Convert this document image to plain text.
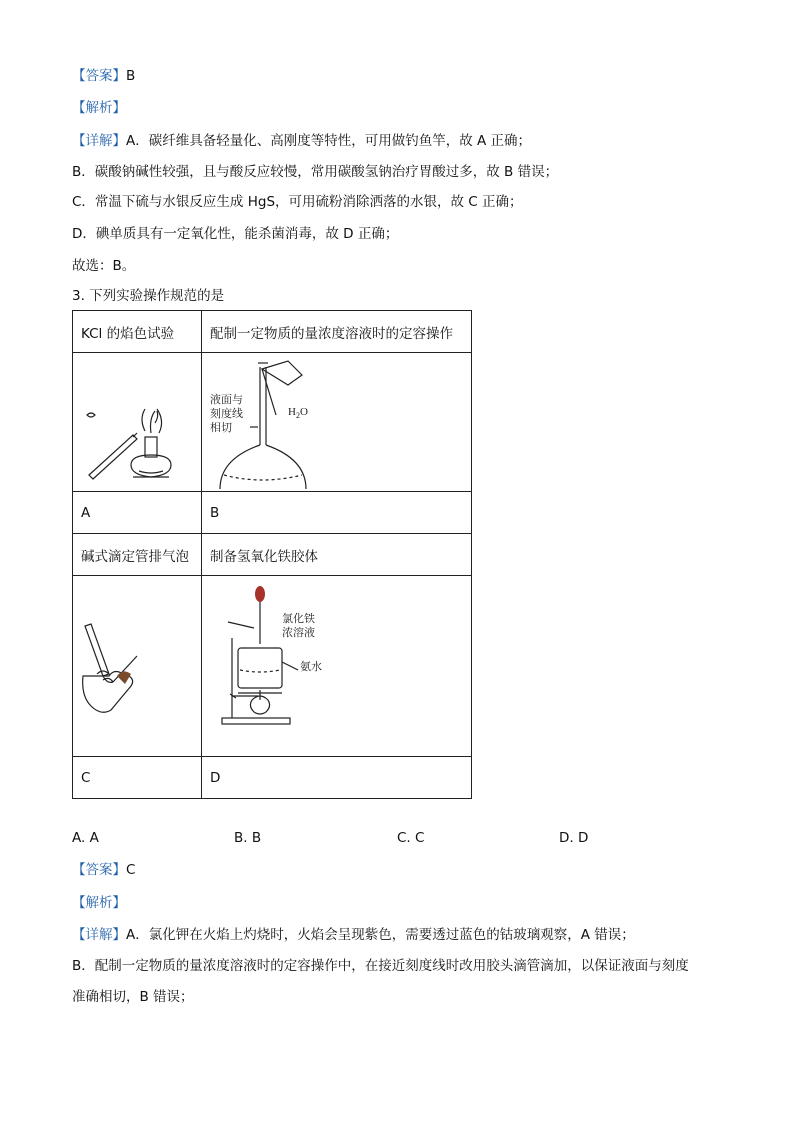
【答案】B
【解析】
【详解】A．碳纤维具备轻量化、高刚度等特性，可用做钓鱼竿，故 A 正确；
B．碳酸钠碱性较强，且与酸反应较慢，常用碳酸氢钠治疗胃酸过多，故 B 错误；
C．常温下硫与水银反应生成 HgS，可用硫粉消除洒落的水银，故 C 正确；
D．碘单质具有一定氧化性，能杀菌消毒，故 D 正确；
故选：B。
3. 下列实验操作规范的是
KCl 的焰色试验	配制一定物质的量浓度溶液时的定容操作

液面与
刻度线
相切
$H_2O$

A	B
碱式滴定管排气泡	制备氢氧化铁胶体

氯化铁
浓溶液
氨水

C	D
A. A	B. B	C. C	D. D
【答案】C
【解析】
【详解】A．氯化钾在火焰上灼烧时，火焰会呈现紫色，需要透过蓝色的钴玻璃观察，A 错误；
B．配制一定物质的量浓度溶液时的定容操作中，在接近刻度线时改用胶头滴管滴加，以保证液面与刻度
准确相切，B 错误；
